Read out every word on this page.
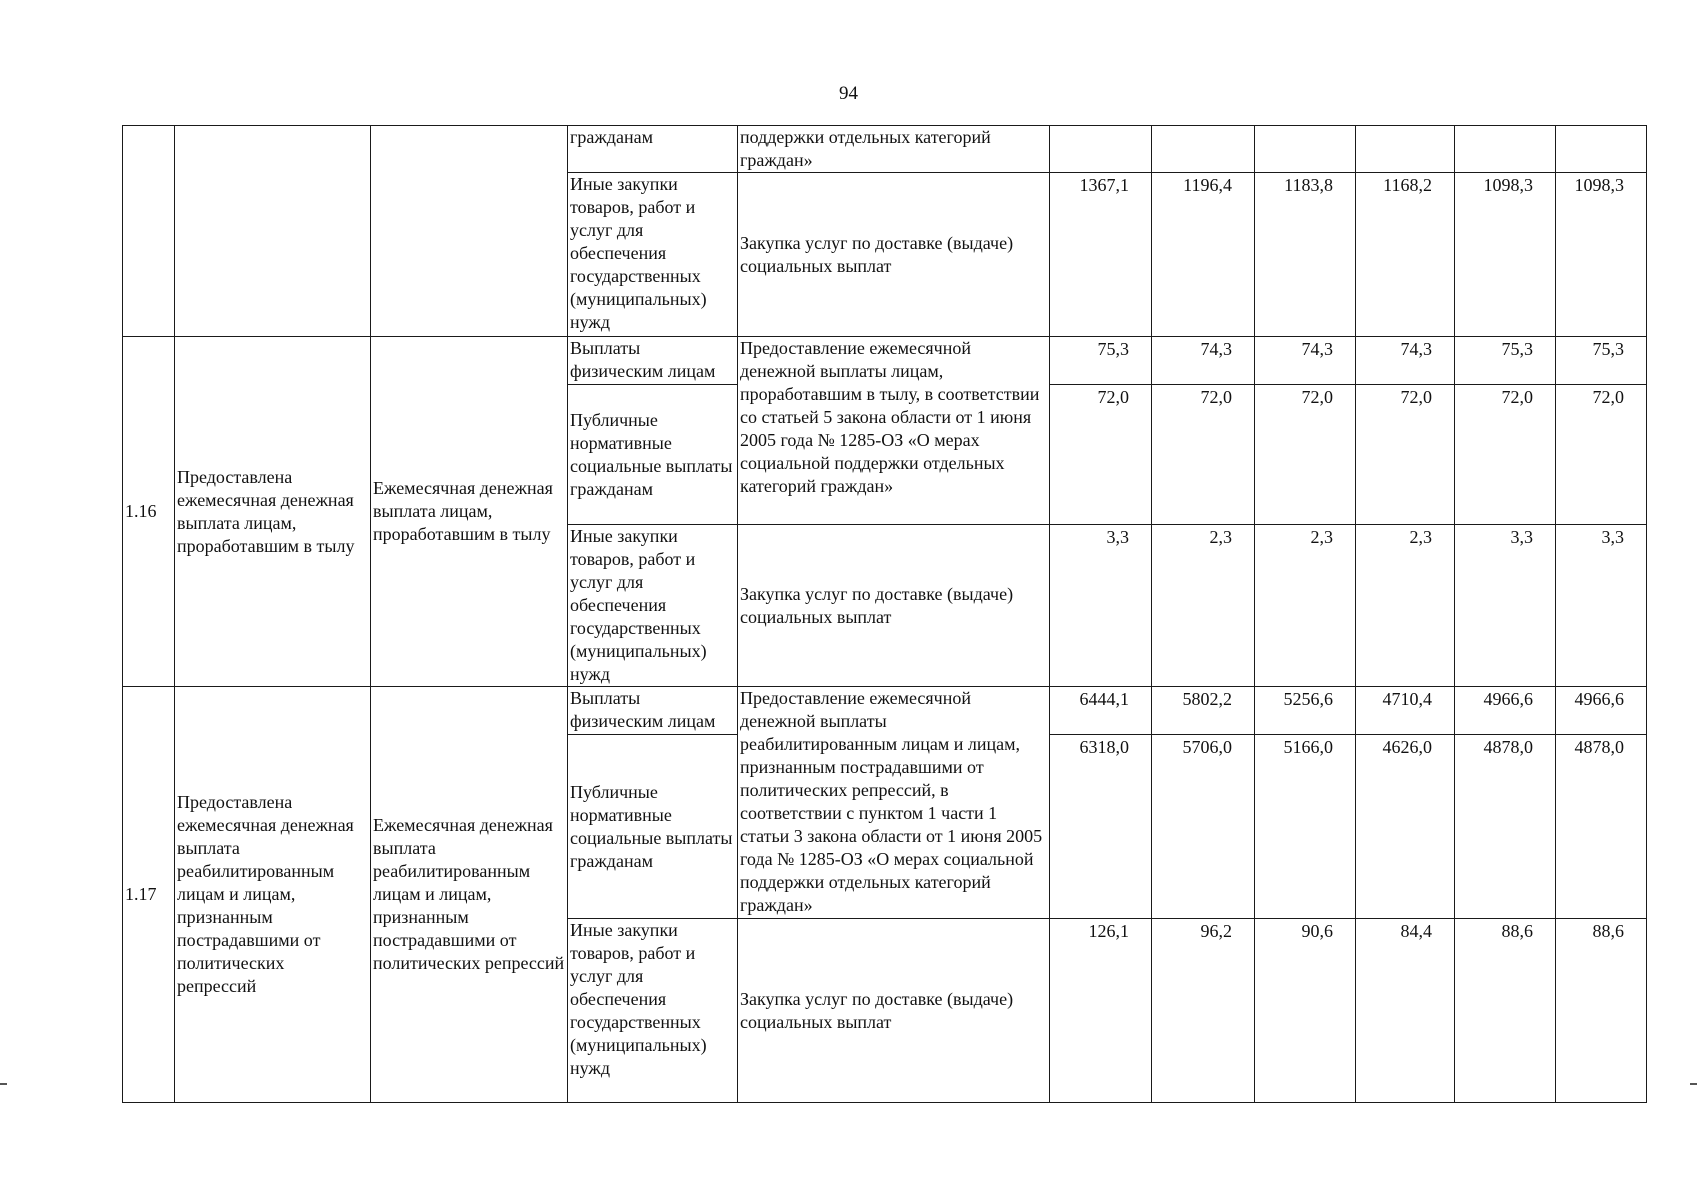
94
			гражданам	поддержки отдельных категорий граждан»						
			Иные закупки товаров, работ и услуг для обеспечения государственных (муниципальных) нужд	Закупка услуг по доставке (выдаче) социальных выплат	1367,1	1196,4	1183,8	1168,2	1098,3	1098,3
1.16	Предоставлена ежемесячная денежная выплата лицам, проработавшим в тылу	Ежемесячная денежная выплата лицам, проработавшим в тылу	Выплаты физическим лицам	Предоставление ежемесячной денежной выплаты лицам, проработавшим в тылу, в соответствии со статьей 5 закона области от 1 июня 2005 года № 1285-ОЗ «О мерах социальной поддержки отдельных категорий граждан»	75,3	74,3	74,3	74,3	75,3	75,3
			Публичные нормативные социальные выплаты гражданам		72,0	72,0	72,0	72,0	72,0	72,0
			Иные закупки товаров, работ и услуг для обеспечения государственных (муниципальных) нужд	Закупка услуг по доставке (выдаче) социальных выплат	3,3	2,3	2,3	2,3	3,3	3,3
1.17	Предоставлена ежемесячная денежная выплата реабилитированным лицам и лицам, признанным пострадавшими от политических репрессий	Ежемесячная денежная выплата реабилитированным лицам и лицам, признанным пострадавшими от политических репрессий	Выплаты физическим лицам	Предоставление ежемесячной денежной выплаты реабилитированным лицам и лицам, признанным пострадавшими от политических репрессий, в соответствии с пунктом 1 части 1 статьи 3 закона области от 1 июня 2005 года № 1285-ОЗ «О мерах социальной поддержки отдельных категорий граждан»	6444,1	5802,2	5256,6	4710,4	4966,6	4966,6
			Публичные нормативные социальные выплаты гражданам		6318,0	5706,0	5166,0	4626,0	4878,0	4878,0
			Иные закупки товаров, работ и услуг для обеспечения государственных (муниципальных) нужд	Закупка услуг по доставке (выдаче) социальных выплат	126,1	96,2	90,6	84,4	88,6	88,6
